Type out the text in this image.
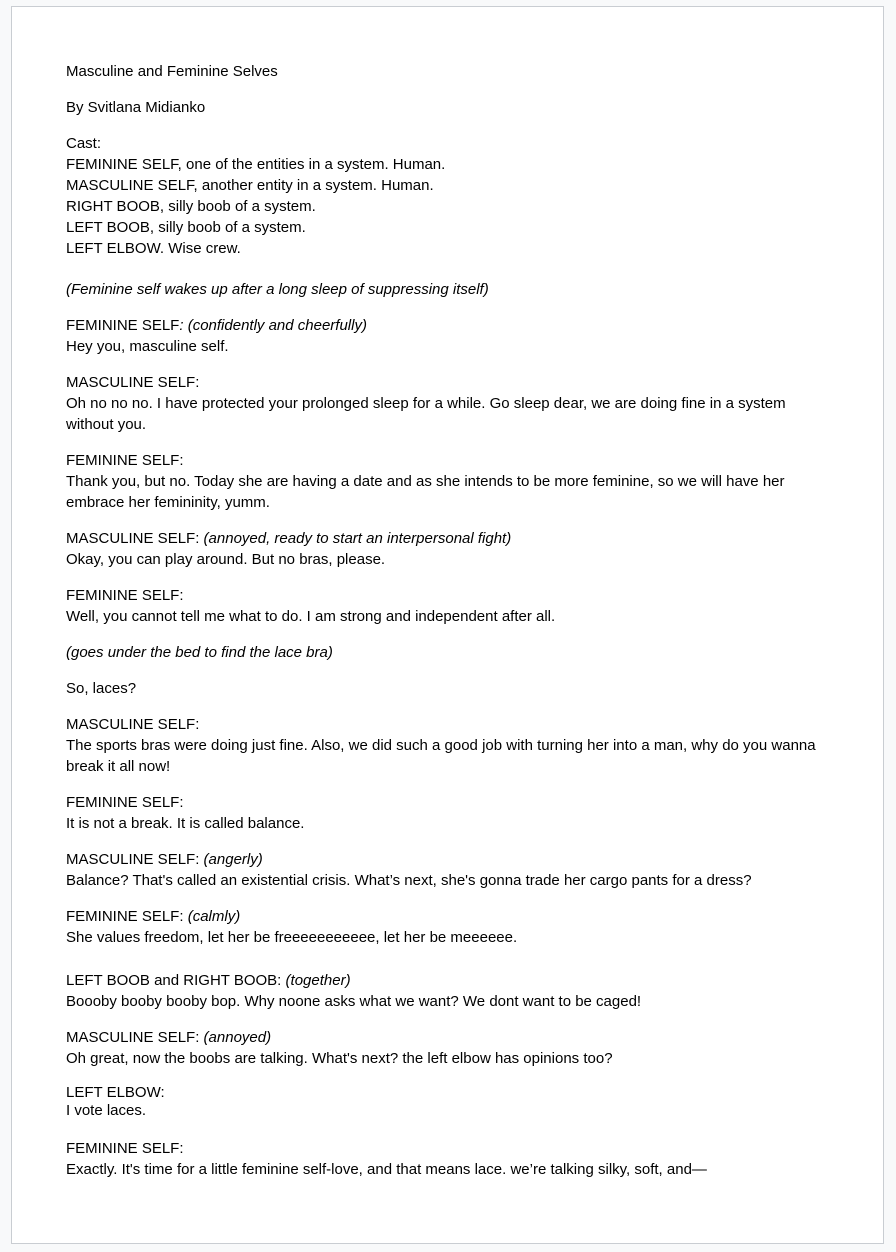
Masculine and Feminine Selves

By Svitlana Midianko

Cast:
FEMININE SELF, one of the entities in a system. Human.
MASCULINE SELF, another entity in a system. Human.
RIGHT BOOB, silly boob of a system.
LEFT BOOB, silly boob of a system.
LEFT ELBOW. Wise crew.

(Feminine self wakes up after a long sleep of suppressing itself)

FEMININE SELF: (confidently and cheerfully)
Hey you, masculine self.

MASCULINE SELF:
Oh no no no. I have protected your prolonged sleep for a while. Go sleep dear, we are doing fine in a system without you.

FEMININE SELF:
Thank you, but no. Today she are having a date and as she intends to be more feminine, so we will have her embrace her femininity, yumm.

MASCULINE SELF: (annoyed, ready to start an interpersonal fight)
Okay, you can play around. But no bras, please.

FEMININE SELF:
Well, you cannot tell me what to do. I am strong and independent after all.

(goes under the bed to find the lace bra)

So, laces?

MASCULINE SELF:
The sports bras were doing just fine. Also, we did such a good job with turning her into a man, why do you wanna break it all now!

FEMININE SELF:
It is not a break. It is called balance.

MASCULINE SELF: (angerly)
Balance? That's called an existential crisis. What’s next, she's gonna trade her cargo pants for a dress?

FEMININE SELF: (calmly)
She values freedom, let her be freeeeeeeeeee, let her be meeeeee.

LEFT BOOB and RIGHT BOOB: (together)
Boooby booby booby bop. Why noone asks what we want? We dont want to be caged!

MASCULINE SELF: (annoyed)
Oh great, now the boobs are talking. What's next? the left elbow has opinions too?

LEFT ELBOW:
I vote laces.

FEMININE SELF:
Exactly. It's time for a little feminine self-love, and that means lace. we’re talking silky, soft, and—
